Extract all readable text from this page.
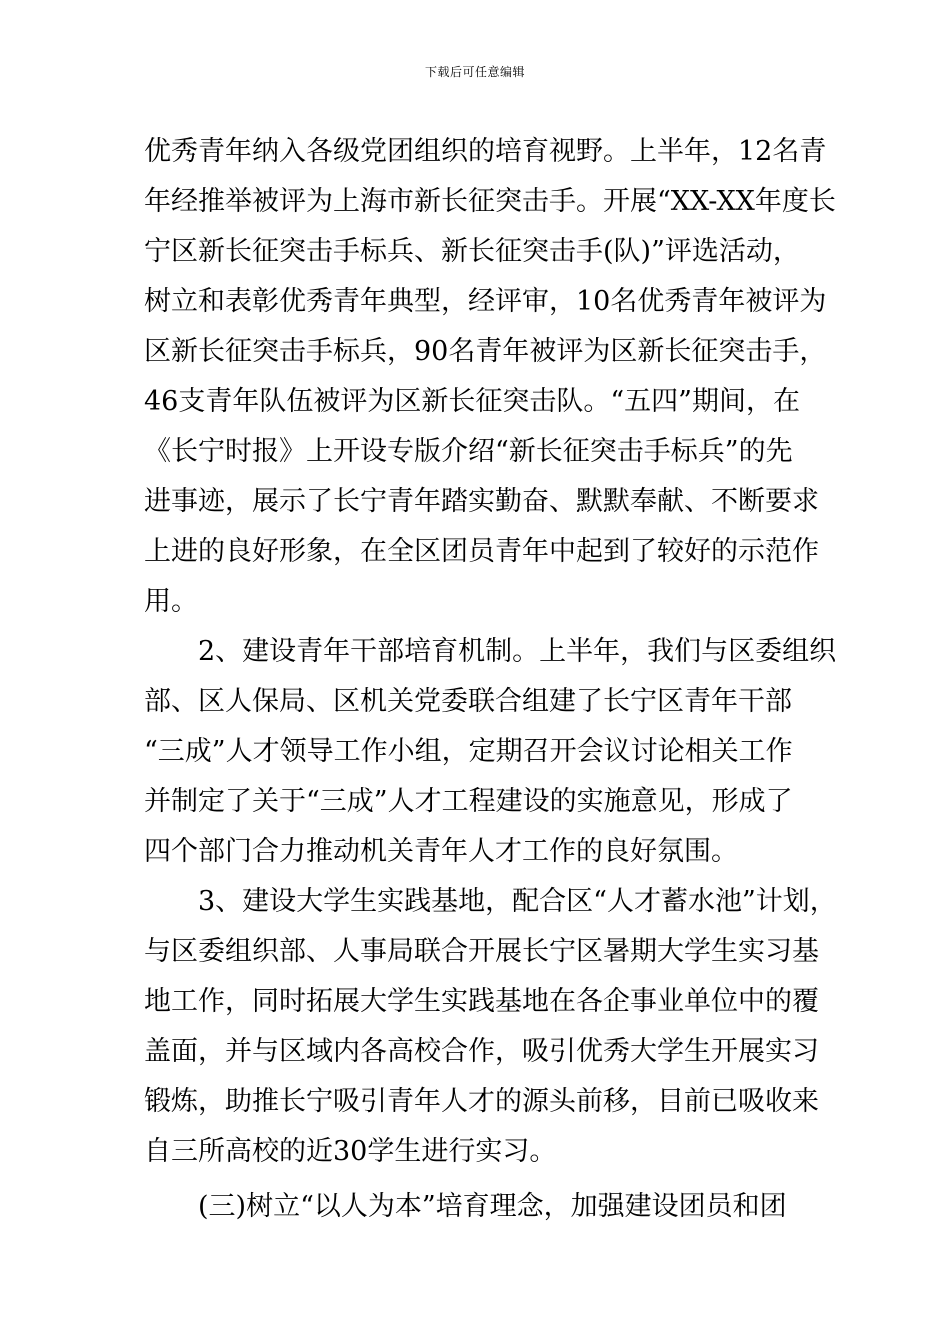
下载后可任意编辑
优秀青年纳入各级党团组织的培育视野。上半年，12名青
年经推举被评为上海市新长征突击手。开展“XX-XX年度长
宁区新长征突击手标兵、新长征突击手(队)”评选活动，
树立和表彰优秀青年典型，经评审，10名优秀青年被评为
区新长征突击手标兵，90名青年被评为区新长征突击手，
46支青年队伍被评为区新长征突击队。“五四”期间，在
《长宁时报》上开设专版介绍“新长征突击手标兵”的先
进事迹，展示了长宁青年踏实勤奋、默默奉献、不断要求
上进的良好形象，在全区团员青年中起到了较好的示范作
用。
2、建设青年干部培育机制。上半年，我们与区委组织
部、区人保局、区机关党委联合组建了长宁区青年干部
“三成”人才领导工作小组，定期召开会议讨论相关工作
并制定了关于“三成”人才工程建设的实施意见，形成了
四个部门合力推动机关青年人才工作的良好氛围。
3、建设大学生实践基地，配合区“人才蓄水池”计划，
与区委组织部、人事局联合开展长宁区暑期大学生实习基
地工作，同时拓展大学生实践基地在各企事业单位中的覆
盖面，并与区域内各高校合作，吸引优秀大学生开展实习
锻炼，助推长宁吸引青年人才的源头前移，目前已吸收来
自三所高校的近30学生进行实习。
(三)树立“以人为本”培育理念，加强建设团员和团
